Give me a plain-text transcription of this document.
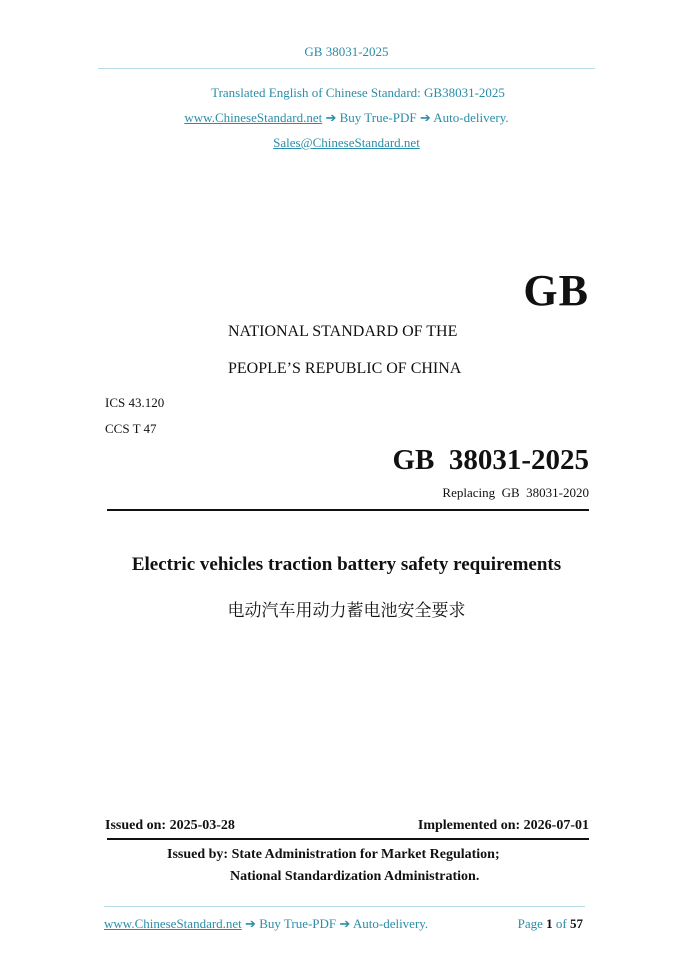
GB 38031-2025
Translated English of Chinese Standard: GB38031-2025
www.ChineseStandard.net ➔ Buy True-PDF ➔ Auto-delivery.
Sales@ChineseStandard.net
GB
NATIONAL STANDARD OF THE
PEOPLE’S REPUBLIC OF CHINA
ICS 43.120
CCS T 47
GB  38031-2025
Replacing  GB  38031-2020
Electric vehicles traction battery safety requirements
电动汽车用动力蓄电池安全要求
Issued on: 2025-03-28	Implemented on: 2026-07-01
Issued by: State Administration for Market Regulation;
National Standardization Administration.
www.ChineseStandard.net ➔ Buy True-PDF ➔ Auto-delivery.	Page 1 of 57
